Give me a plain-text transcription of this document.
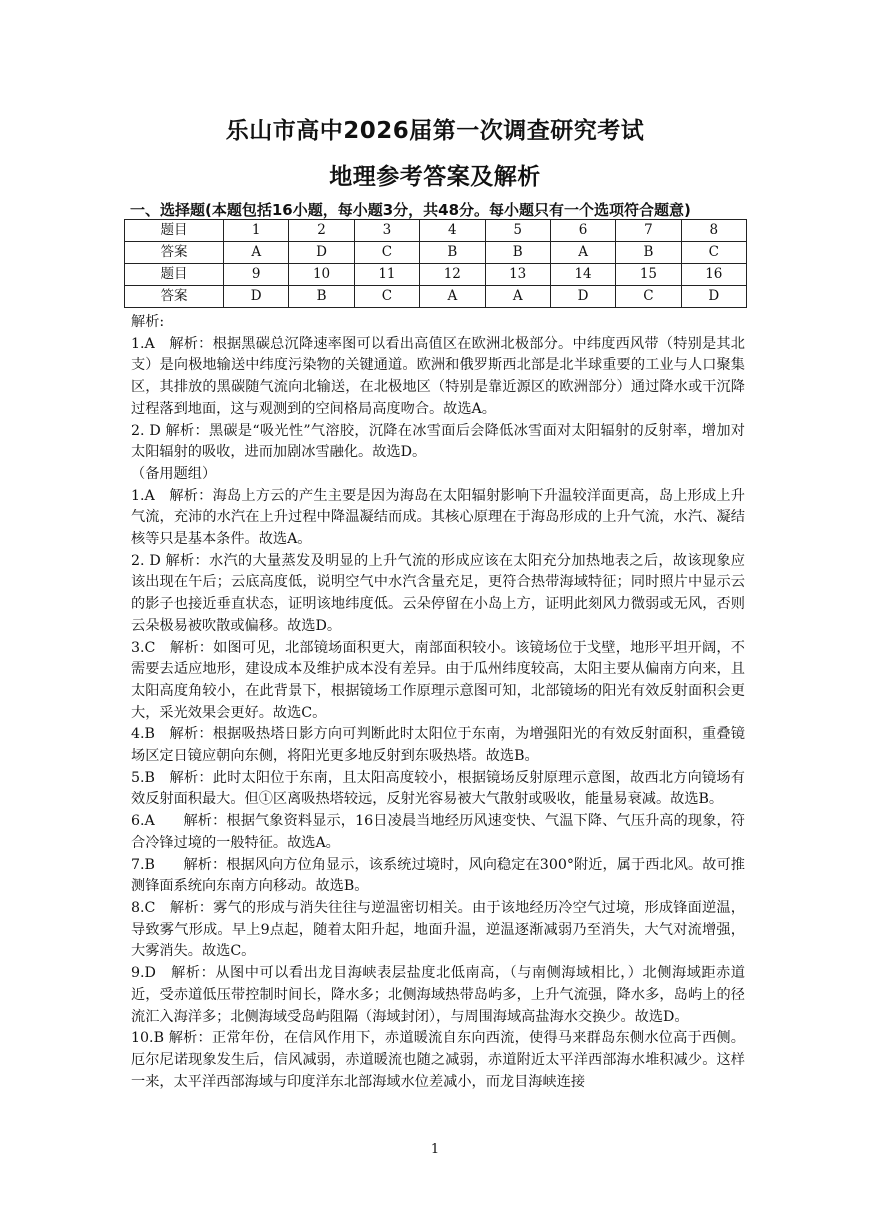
乐山市高中2026届第一次调查研究考试
地理参考答案及解析
一、选择题(本题包括16小题，每小题3分，共48分。每小题只有一个选项符合题意)
题目	1	2	3	4	5	6	7	8
答案	A	D	C	B	B	A	B	C
题目	9	10	11	12	13	14	15	16
答案	D	B	C	A	A	D	C	D

解析:

1.A　解析：根据黑碳总沉降速率图可以看出高值区在欧洲北极部分。中纬度西风带（特别是其北支）是向极地输送中纬度污染物的关键通道。欧洲和俄罗斯西北部是北半球重要的工业与人口聚集区，其排放的黑碳随气流向北输送，在北极地区（特别是靠近源区的欧洲部分）通过降水或干沉降过程落到地面，这与观测到的空间格局高度吻合。故选A。

2. D 解析：黑碳是“吸光性”气溶胶，沉降在冰雪面后会降低冰雪面对太阳辐射的反射率，增加对太阳辐射的吸收，进而加剧冰雪融化。故选D。

（备用题组）

1.A　解析：海岛上方云的产生主要是因为海岛在太阳辐射影响下升温较洋面更高，岛上形成上升气流，充沛的水汽在上升过程中降温凝结而成。其核心原理在于海岛形成的上升气流，水汽、凝结核等只是基本条件。故选A。

2. D 解析：水汽的大量蒸发及明显的上升气流的形成应该在太阳充分加热地表之后，故该现象应该出现在午后；云底高度低，说明空气中水汽含量充足，更符合热带海域特征；同时照片中显示云的影子也接近垂直状态，证明该地纬度低。云朵停留在小岛上方，证明此刻风力微弱或无风，否则云朵极易被吹散或偏移。故选D。

3.C　解析：如图可见，北部镜场面积更大，南部面积较小。该镜场位于戈壁，地形平坦开阔，不需要去适应地形，建设成本及维护成本没有差异。由于瓜州纬度较高，太阳主要从偏南方向来，且太阳高度角较小，在此背景下，根据镜场工作原理示意图可知，北部镜场的阳光有效反射面积会更大，采光效果会更好。故选C。

4.B　解析：根据吸热塔日影方向可判断此时太阳位于东南，为增强阳光的有效反射面积，重叠镜场区定日镜应朝向东侧，将阳光更多地反射到东吸热塔。故选B。

5.B　解析：此时太阳位于东南，且太阳高度较小，根据镜场反射原理示意图，故西北方向镜场有效反射面积最大。但①区离吸热塔较远，反射光容易被大气散射或吸收，能量易衰减。故选B。

6.A　　解析：根据气象资料显示，16日凌晨当地经历风速变快、气温下降、气压升高的现象，符合冷锋过境的一般特征。故选A。

7.B　　解析：根据风向方位角显示，该系统过境时，风向稳定在300°附近，属于西北风。故可推测锋面系统向东南方向移动。故选B。

8.C　解析：雾气的形成与消失往往与逆温密切相关。由于该地经历冷空气过境，形成锋面逆温，导致雾气形成。早上9点起，随着太阳升起，地面升温，逆温逐渐减弱乃至消失，大气对流增强，大雾消失。故选C。

9.D　解析：从图中可以看出龙目海峡表层盐度北低南高，（与南侧海域相比，）北侧海域距赤道近，受赤道低压带控制时间长，降水多；北侧海域热带岛屿多，上升气流强，降水多，岛屿上的径流汇入海洋多；北侧海域受岛屿阻隔（海域封闭），与周围海域高盐海水交换少。故选D。

10.B 解析：正常年份，在信风作用下，赤道暖流自东向西流，使得马来群岛东侧水位高于西侧。厄尔尼诺现象发生后，信风减弱，赤道暖流也随之减弱，赤道附近太平洋西部海水堆积减少。这样一来，太平洋西部海域与印度洋东北部海域水位差减小，而龙目海峡连接

1
